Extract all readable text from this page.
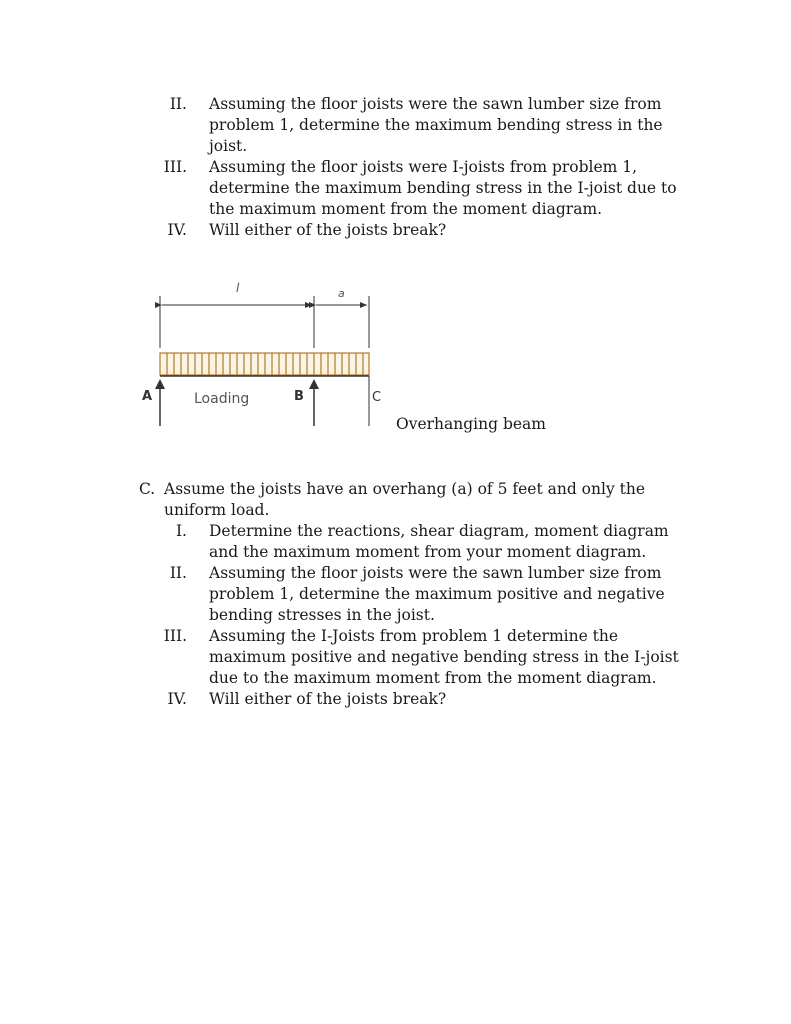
II. Assuming the floor joists were the sawn lumber size from
problem 1, determine the maximum bending stress in the
joist.
III. Assuming the floor joists were I-joists from problem 1,
determine the maximum bending stress in the I-joist due to
the maximum moment from the moment diagram.
IV. Will either of the joists break?
l	a
A	B	C
Loading
Overhanging beam
C. Assume the joists have an overhang (a) of 5 feet and only the
uniform load.
I. Determine the reactions, shear diagram, moment diagram
and the maximum moment from your moment diagram.
II. Assuming the floor joists were the sawn lumber size from
problem 1, determine the maximum positive and negative
bending stresses in the joist.
III. Assuming the I-Joists from problem 1 determine the
maximum positive and negative bending stress in the I-joist
due to the maximum moment from the moment diagram.
IV. Will either of the joists break?
